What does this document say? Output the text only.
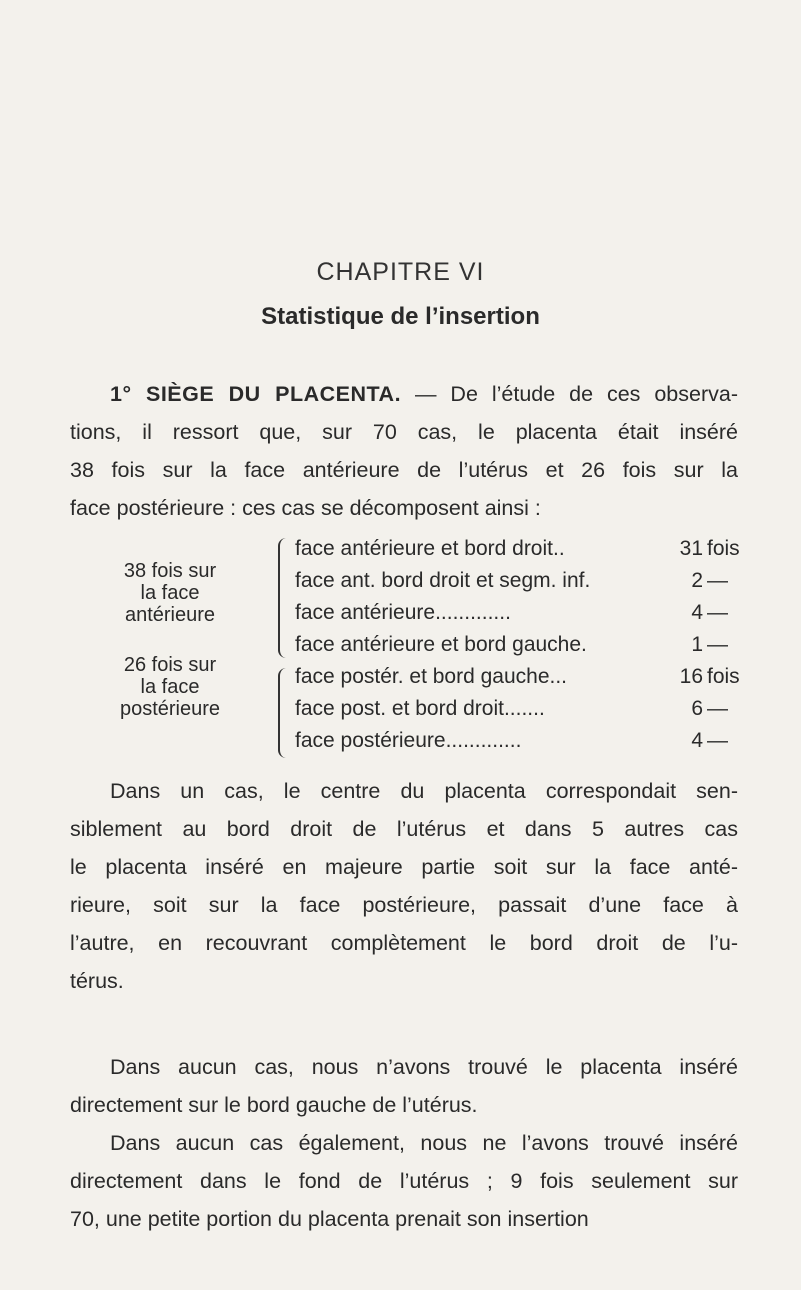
CHAPITRE VI
Statistique de l’insertion
1° SIÈGE DU PLACENTA. — De l’étude de ces observa-
tions, il ressort que, sur 70 cas, le placenta était inséré
38 fois sur la face antérieure de l’utérus et 26 fois sur la
face postérieure : ces cas se décomposent ainsi :
38 fois sur
la face
antérieure
26 fois sur
la face
postérieure
face antérieure et bord droit..	31 fois
face ant. bord droit et segm. inf.	2 —
face antérieure.............	4 —
face antérieure et bord gauche.	1 —
face postér. et bord gauche...	16 fois
face post. et bord droit.......	6 —
face postérieure.............	4 —
Dans un cas, le centre du placenta correspondait sen-
siblement au bord droit de l’utérus et dans 5 autres cas
le placenta inséré en majeure partie soit sur la face anté-
rieure, soit sur la face postérieure, passait d’une face à
l’autre, en recouvrant complètement le bord droit de l’u-
térus.
Dans aucun cas, nous n’avons trouvé le placenta inséré
directement sur le bord gauche de l’utérus.
Dans aucun cas également, nous ne l’avons trouvé inséré
directement dans le fond de l’utérus ; 9 fois seulement sur
70, une petite portion du placenta prenait son insertion
